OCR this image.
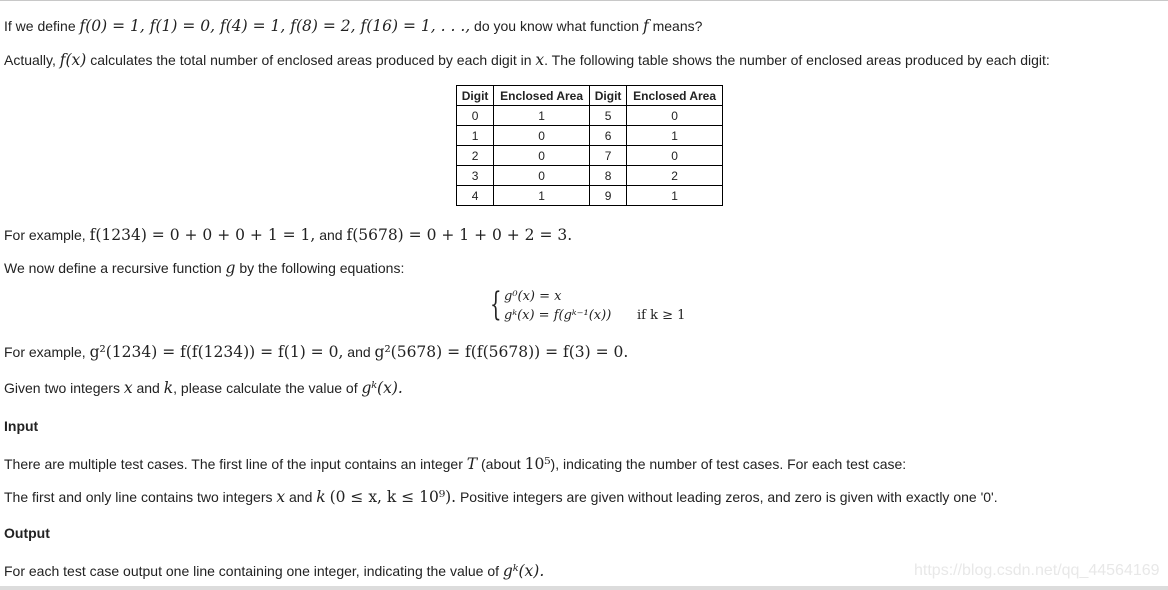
If we define f(0) = 1, f(1) = 0, f(4) = 1, f(8) = 2, f(16) = 1, . . ., do you know what function f means?
Actually, f(x) calculates the total number of enclosed areas produced by each digit in x. The following table shows the number of enclosed areas produced by each digit:
Digit	Enclosed Area	Digit	Enclosed Area
0	1	5	0
1	0	6	1
2	0	7	0
3	0	8	2
4	1	9	1
For example, f(1234) = 0 + 0 + 0 + 1 = 1, and f(5678) = 0 + 1 + 0 + 2 = 3.
We now define a recursive function g by the following equations:
{ g⁰(x) = x
gᵏ(x) = f(gᵏ⁻¹(x)) if k ≥ 1
For example, g²(1234) = f(f(1234)) = f(1) = 0, and g²(5678) = f(f(5678)) = f(3) = 0.
Given two integers x and k, please calculate the value of gᵏ(x).
Input
There are multiple test cases. The first line of the input contains an integer T (about 10⁵), indicating the number of test cases. For each test case:
The first and only line contains two integers x and k (0 ≤ x, k ≤ 10⁹). Positive integers are given without leading zeros, and zero is given with exactly one '0'.
Output
For each test case output one line containing one integer, indicating the value of gᵏ(x).	https://blog.csdn.net/qq_44564169
